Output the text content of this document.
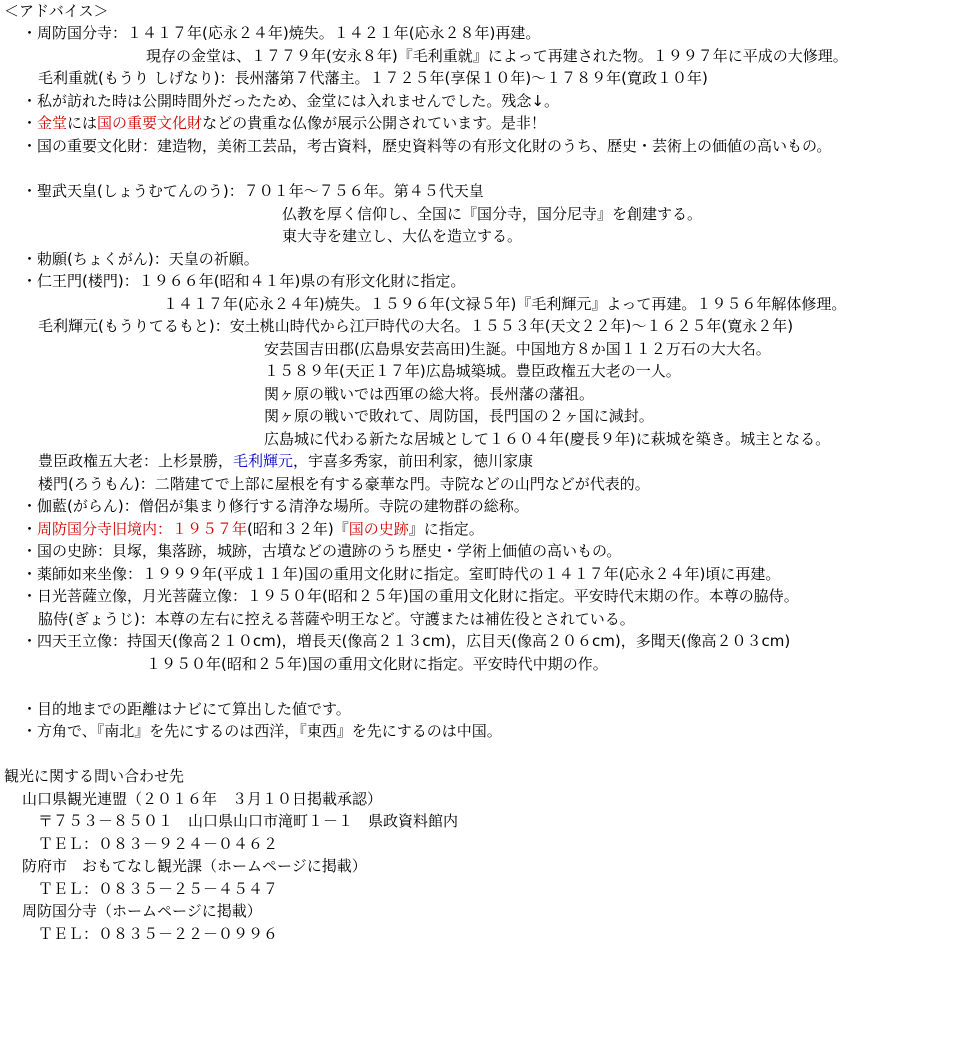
＜アドバイス＞
・周防国分寺：１４１７年(応永２４年)焼失。１４２１年(応永２８年)再建。
現存の金堂は、１７７９年(安永８年)『毛利重就』によって再建された物。１９９７年に平成の大修理。
毛利重就(もうり しげなり)：長州藩第７代藩主。１７２５年(享保１０年)〜１７８９年(寛政１０年)
・私が訪れた時は公開時間外だったため、金堂には入れませんでした。残念↓。
・金堂には国の重要文化財などの貴重な仏像が展示公開されています。是非！
・国の重要文化財：建造物，美術工芸品，考古資料，歴史資料等の有形文化財のうち、歴史・芸術上の価値の高いもの。
・聖武天皇(しょうむてんのう)：７０１年〜７５６年。第４５代天皇
仏教を厚く信仰し、全国に『国分寺，国分尼寺』を創建する。
東大寺を建立し、大仏を造立する。
・勅願(ちょくがん)：天皇の祈願。
・仁王門(楼門)：１９６６年(昭和４１年)県の有形文化財に指定。
１４１７年(応永２４年)焼失。１５９６年(文禄５年)『毛利輝元』よって再建。１９５６年解体修理。
毛利輝元(もうりてるもと)：安土桃山時代から江戸時代の大名。１５５３年(天文２２年)〜１６２５年(寛永２年)
安芸国吉田郡(広島県安芸高田)生誕。中国地方８か国１１２万石の大大名。
１５８９年(天正１７年)広島城築城。豊臣政権五大老の一人。
関ヶ原の戦いでは西軍の総大将。長州藩の藩祖。
関ヶ原の戦いで敗れて、周防国，長門国の２ヶ国に減封。
広島城に代わる新たな居城として１６０４年(慶長９年)に萩城を築き。城主となる。
豊臣政権五大老：上杉景勝，毛利輝元，宇喜多秀家，前田利家，徳川家康
楼門(ろうもん)：二階建てで上部に屋根を有する豪華な門。寺院などの山門などが代表的。
・伽藍(がらん)：僧侶が集まり修行する清浄な場所。寺院の建物群の総称。
・周防国分寺旧境内：１９５７年(昭和３２年)『国の史跡』に指定。
・国の史跡：貝塚，集落跡，城跡，古墳などの遺跡のうち歴史・学術上価値の高いもの。
・薬師如来坐像：１９９９年(平成１１年)国の重用文化財に指定。室町時代の１４１７年(応永２４年)頃に再建。
・日光菩薩立像，月光菩薩立像：１９５０年(昭和２５年)国の重用文化財に指定。平安時代末期の作。本尊の脇侍。
脇侍(ぎょうじ)：本尊の左右に控える菩薩や明王など。守護または補佐役とされている。
・四天王立像：持国天(像高２１０cm)，増長天(像高２１３cm)，広目天(像高２０６cm)，多聞天(像高２０３cm)
１９５０年(昭和２５年)国の重用文化財に指定。平安時代中期の作。
・目的地までの距離はナビにて算出した値です。
・方角で、『南北』を先にするのは西洋，『東西』を先にするのは中国。
観光に関する問い合わせ先
山口県観光連盟（２０１６年　３月１０日掲載承認）
〒７５３－８５０１　山口県山口市滝町１－１　県政資料館内
ＴＥＬ：０８３－９２４－０４６２
防府市　おもてなし観光課（ホームページに掲載）
ＴＥＬ：０８３５－２５－４５４７
周防国分寺（ホームページに掲載）
ＴＥＬ：０８３５－２２－０９９６
